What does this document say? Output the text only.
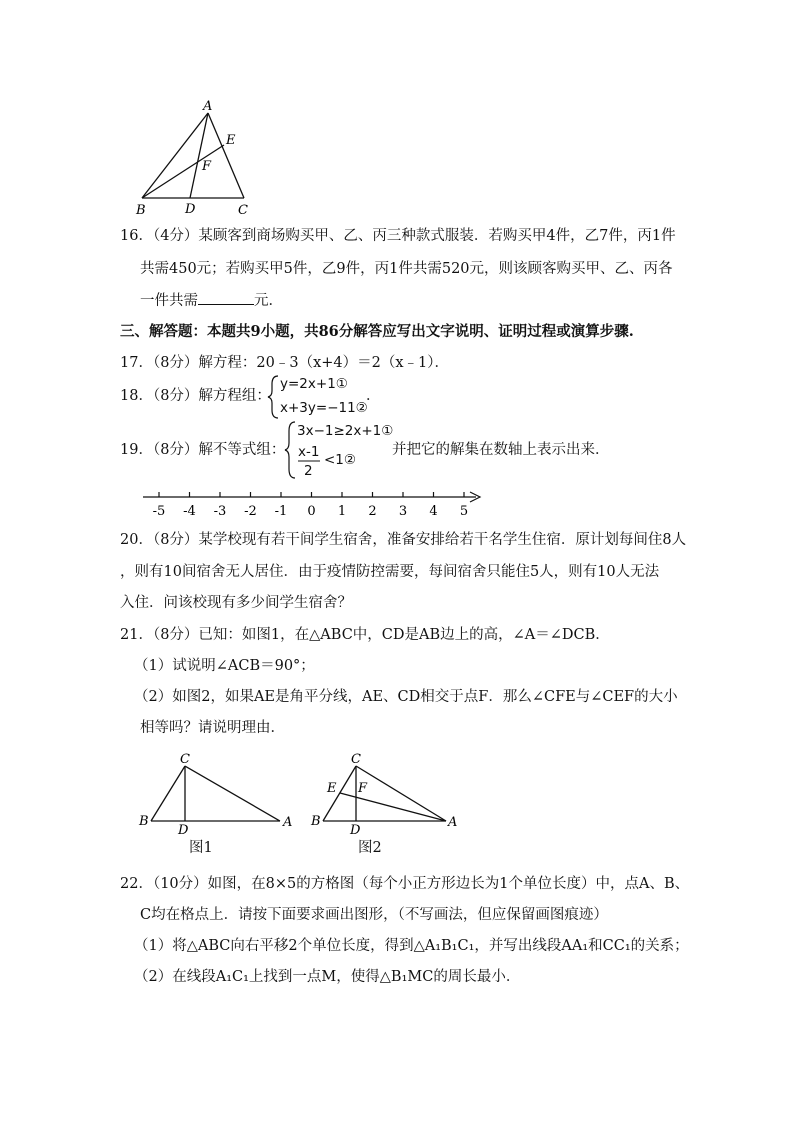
A
E
F
B	D	C
16．（4分）某顾客到商场购买甲、乙、丙三种款式服装．若购买甲4件，乙7件，丙1件
共需450元；若购买甲5件，乙9件，丙1件共需520元，则该顾客购买甲、乙、丙各
一件共需	元．
三、解答题：本题共9小题，共86分解答应写出文字说明、证明过程或演算步骤.
17．（8分）解方程：20﹣3（x+4）＝2（x﹣1）．
18．（8分）解方程组：
y=2x+1①
x+3y=−11②
．
19．（8分）解不等式组：
3x−1≥2x+1①
x-1
2
<1②
并把它的解集在数轴上表示出来．
-5 -4 -3 -2 -1 0 1 2 3 4 5
20．（8分）某学校现有若干间学生宿舍，准备安排给若干名学生住宿．原计划每间住8人
，则有10间宿舍无人居住．由于疫情防控需要，每间宿舍只能住5人，则有10人无法
入住．问该校现有多少间学生宿舍？
21．（8分）已知：如图1，在△ABC中，CD是AB边上的高，∠A＝∠DCB．
（1）试说明∠ACB＝90°；
（2）如图2，如果AE是角平分线，AE、CD相交于点F．那么∠CFE与∠CEF的大小
相等吗？请说明理由．
C
B
D
A
C
E F
B
D
A
图1	图2
22．（10分）如图，在8×5的方格图（每个小正方形边长为1个单位长度）中，点A、B、
C均在格点上．请按下面要求画出图形，（不写画法，但应保留画图痕迹）
（1）将△ABC向右平移2个单位长度，得到△A₁B₁C₁，并写出线段AA₁和CC₁的关系；
（2）在线段A₁C₁上找到一点M，使得△B₁MC的周长最小．
